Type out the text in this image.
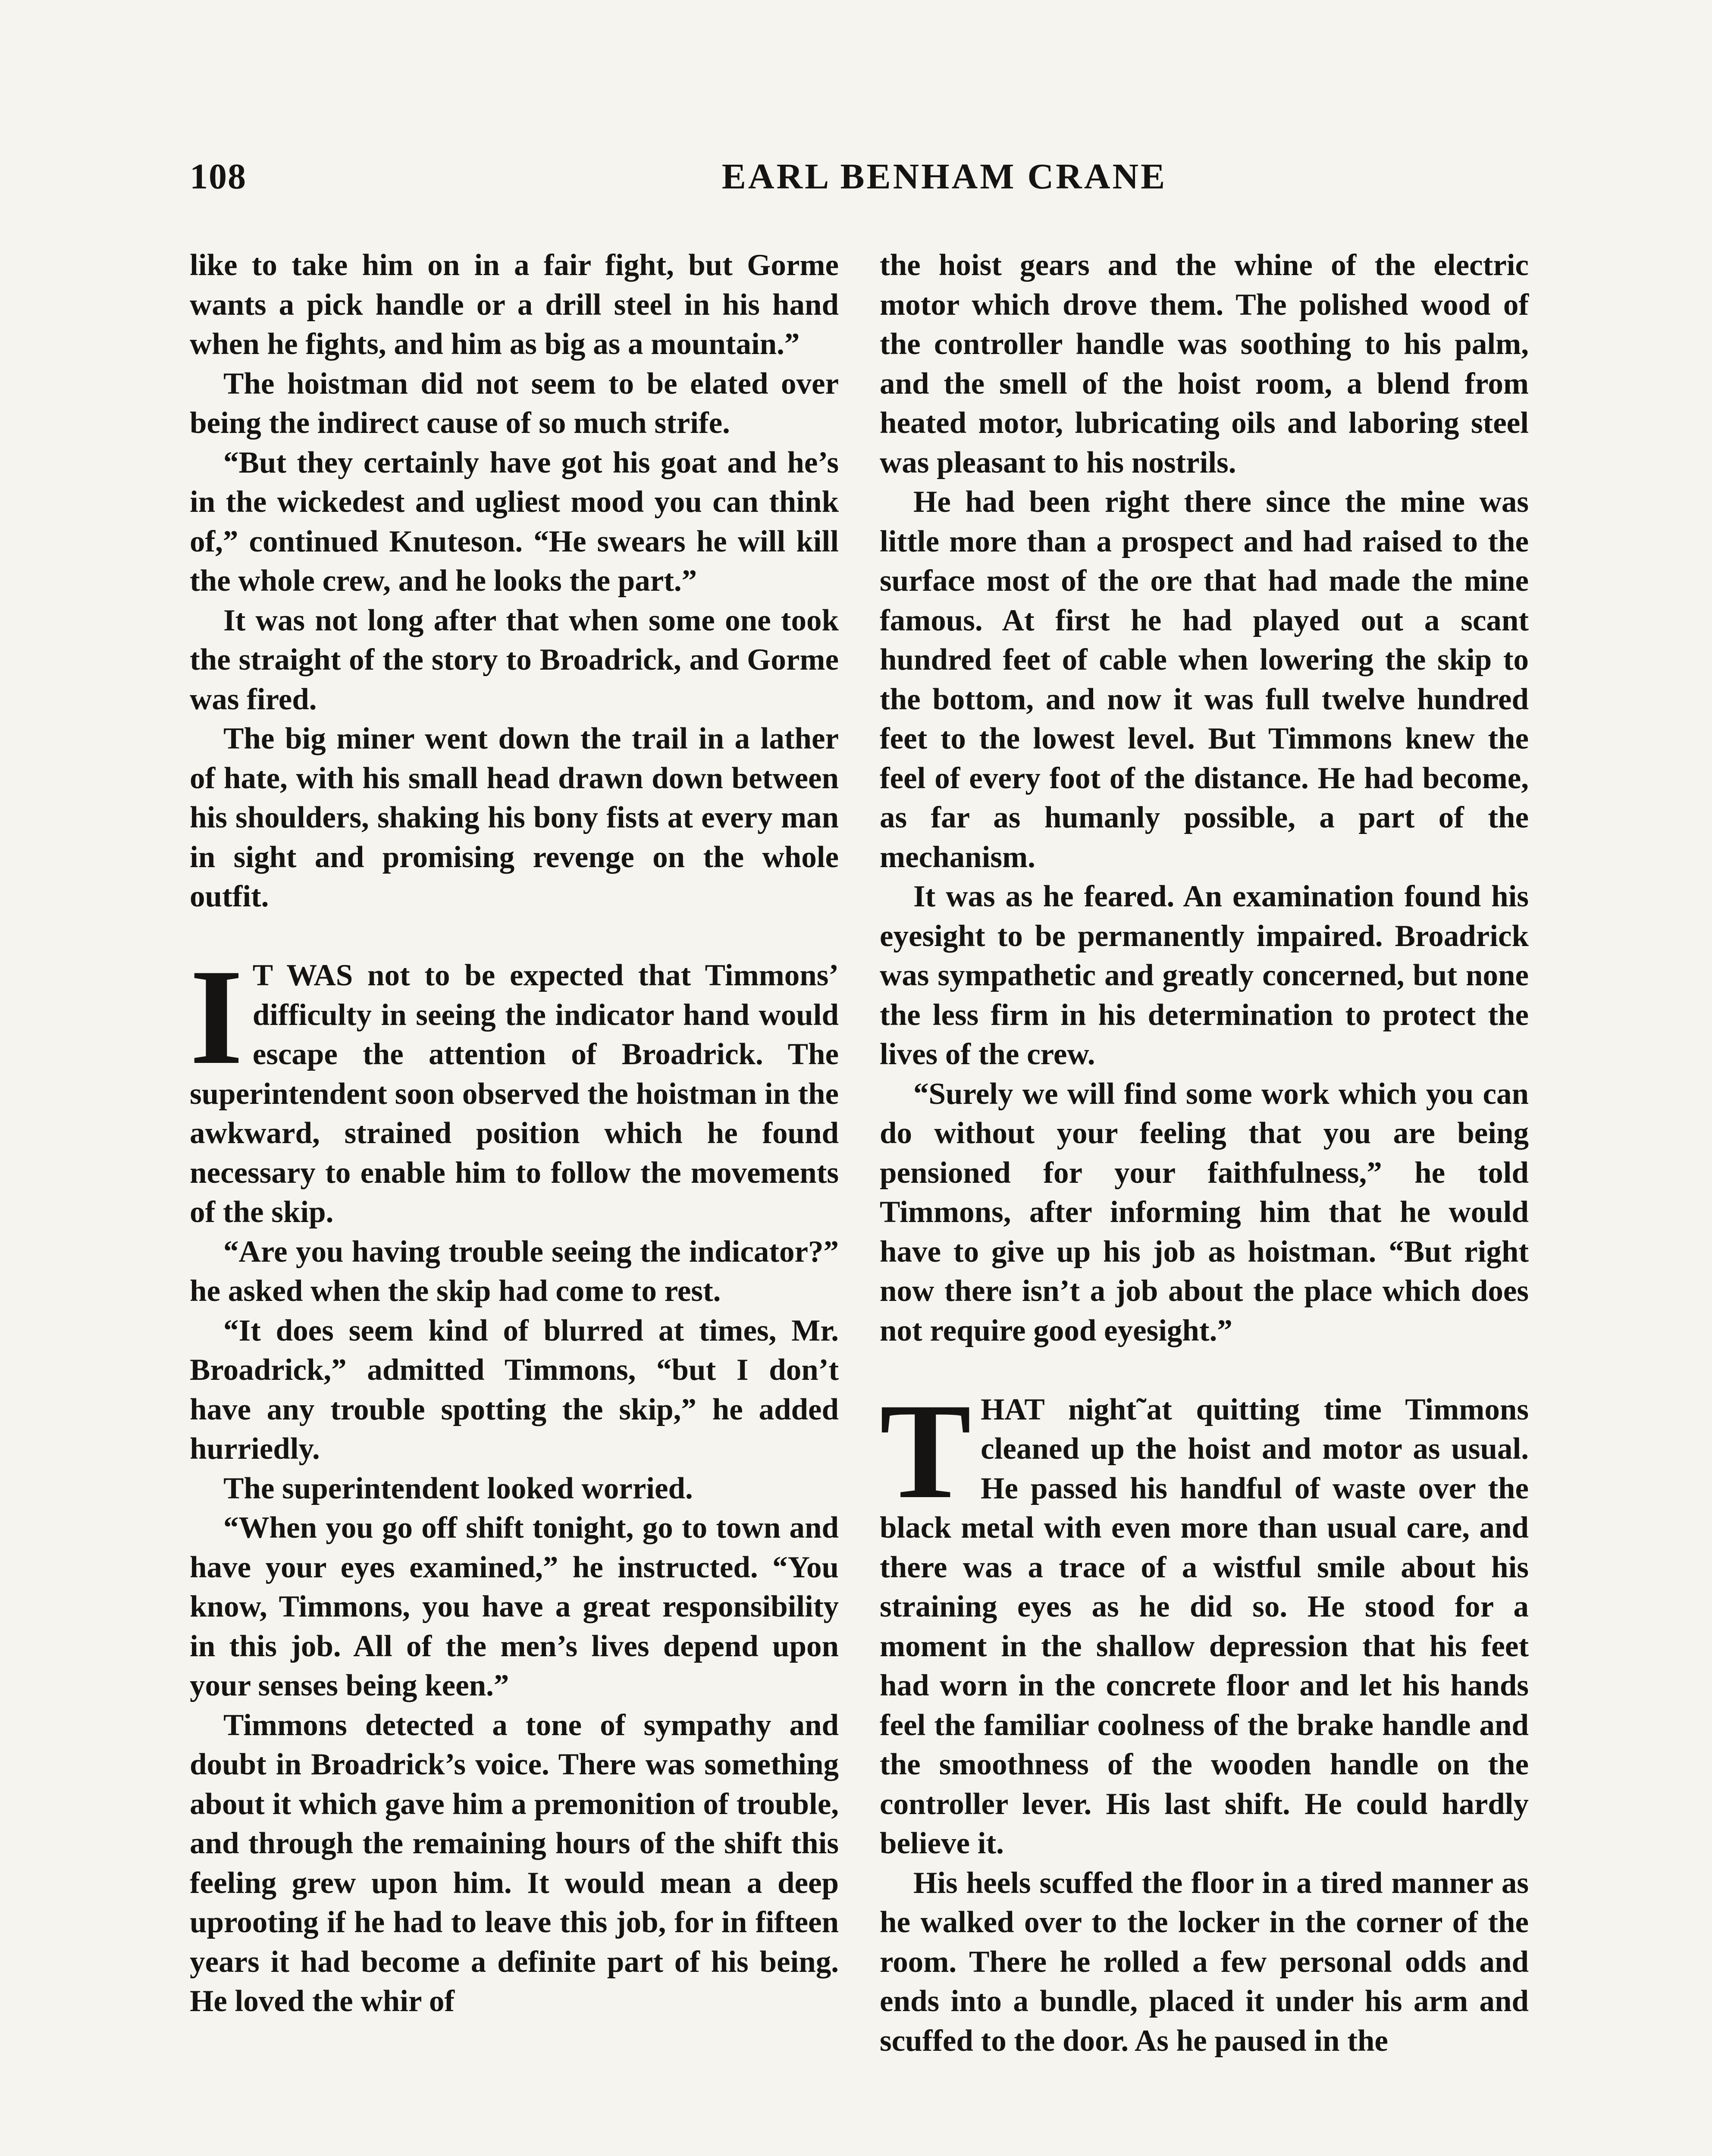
108	EARL BENHAM CRANE

like to take him on in a fair fight, but Gorme wants a pick handle or a drill steel in his hand when he fights, and him as big as a mountain.”

The hoistman did not seem to be elated over being the indirect cause of so much strife.

“But they certainly have got his goat and he’s in the wickedest and ugliest mood you can think of,” continued Knuteson. “He swears he will kill the whole crew, and he looks the part.”

It was not long after that when some one took the straight of the story to Broadrick, and Gorme was fired.

The big miner went down the trail in a lather of hate, with his small head drawn down between his shoulders, shaking his bony fists at every man in sight and promising revenge on the whole outfit.

I T WAS not to be expected that Timmons’ difficulty in seeing the indicator hand would escape the attention of Broadrick. The superintendent soon observed the hoistman in the awkward, strained position which he found necessary to enable him to follow the movements of the skip.

“Are you having trouble seeing the indicator?” he asked when the skip had come to rest.

“It does seem kind of blurred at times, Mr. Broadrick,” admitted Timmons, “but I don’t have any trouble spotting the skip,” he added hurriedly.

The superintendent looked worried.

“When you go off shift tonight, go to town and have your eyes examined,” he instructed. “You know, Timmons, you have a great responsibility in this job. All of the men’s lives depend upon your senses being keen.”

Timmons detected a tone of sympathy and doubt in Broadrick’s voice. There was something about it which gave him a premonition of trouble, and through the remaining hours of the shift this feeling grew upon him. It would mean a deep uprooting if he had to leave this job, for in fifteen years it had become a definite part of his being. He loved the whir of

the hoist gears and the whine of the electric motor which drove them. The polished wood of the controller handle was soothing to his palm, and the smell of the hoist room, a blend from heated motor, lubricating oils and laboring steel was pleasant to his nostrils.

He had been right there since the mine was little more than a prospect and had raised to the surface most of the ore that had made the mine famous. At first he had played out a scant hundred feet of cable when lowering the skip to the bottom, and now it was full twelve hundred feet to the lowest level. But Timmons knew the feel of every foot of the distance. He had become, as far as humanly possible, a part of the mechanism.

It was as he feared. An examination found his eyesight to be permanently impaired. Broadrick was sympathetic and greatly concerned, but none the less firm in his determination to protect the lives of the crew.

“Surely we will find some work which you can do without your feeling that you are being pensioned for your faithfulness,” he told Timmons, after informing him that he would have to give up his job as hoistman. “But right now there isn’t a job about the place which does not require good eyesight.”

THAT night˜at quitting time Timmons cleaned up the hoist and motor as usual. He passed his handful of waste over the black metal with even more than usual care, and there was a trace of a wistful smile about his straining eyes as he did so. He stood for a moment in the shallow depression that his feet had worn in the concrete floor and let his hands feel the familiar coolness of the brake handle and the smoothness of the wooden handle on the controller lever. His last shift. He could hardly believe it.

His heels scuffed the floor in a tired manner as he walked over to the locker in the corner of the room. There he rolled a few personal odds and ends into a bundle, placed it under his arm and scuffed to the door. As he paused in the
